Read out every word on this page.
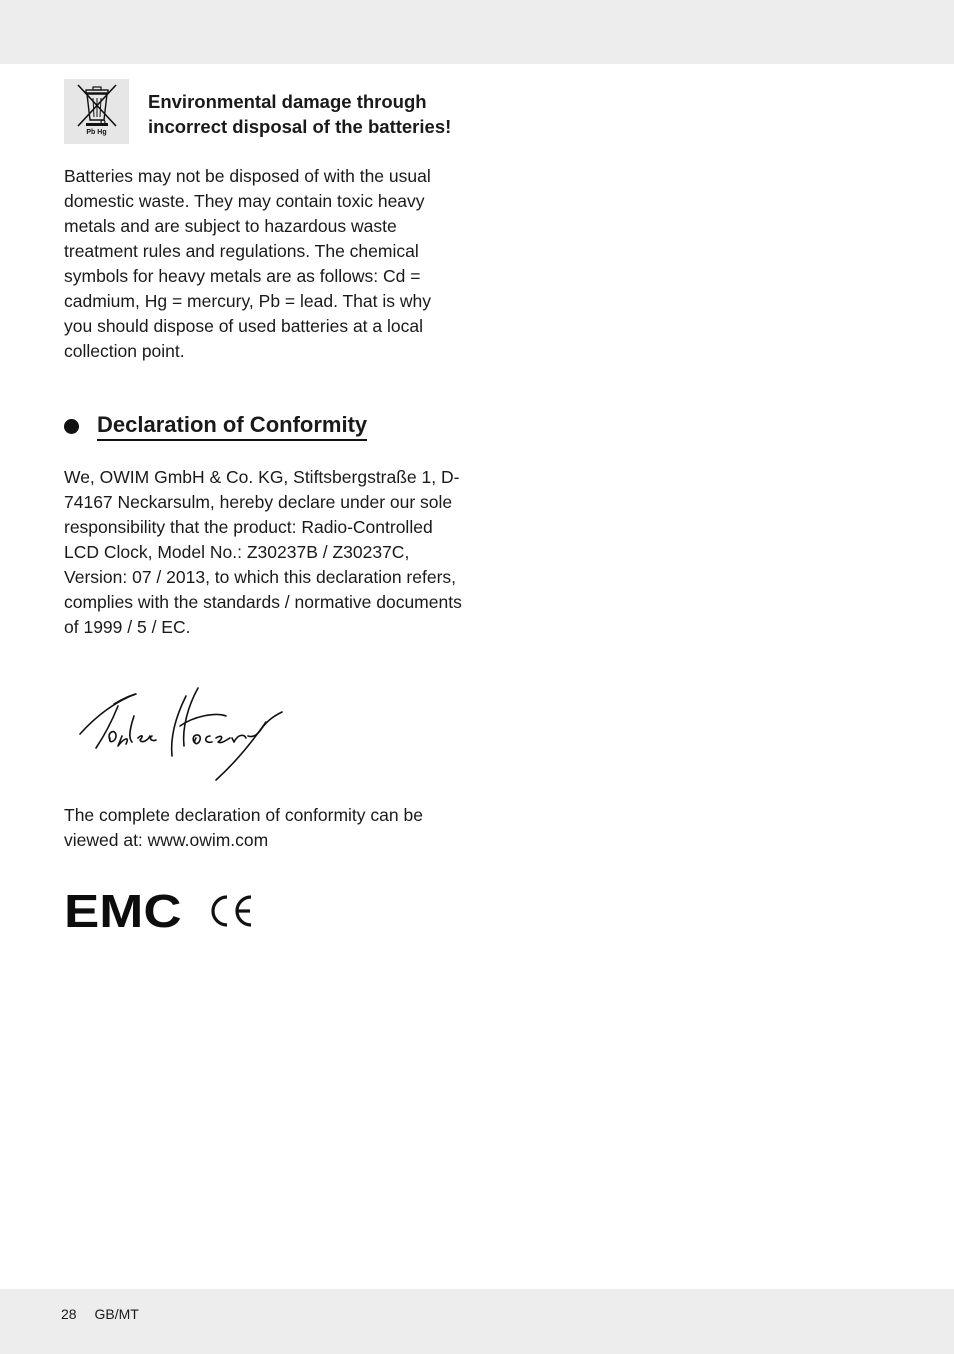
Pb Hg
Environmental damage through incorrect disposal of the batteries!

Batteries may not be disposed of with the usual domestic waste. They may contain toxic heavy metals and are subject to hazardous waste treatment rules and regulations. The chemical symbols for heavy metals are as follows: Cd = cadmium, Hg = mercury, Pb = lead. That is why you should dispose of used batteries at a local collection point.

Declaration of Conformity

We, OWIM GmbH & Co. KG, Stiftsbergstraße 1, D-74167 Neckarsulm, hereby declare under our sole responsibility that the product: Radio-Controlled LCD Clock, Model No.: Z30237B / Z30237C, Version: 07 / 2013, to which this declaration refers, complies with the standards / normative documents of 1999 / 5 / EC.

The complete declaration of conformity can be viewed at: www.owim.com

EMC
28 GB/MT
